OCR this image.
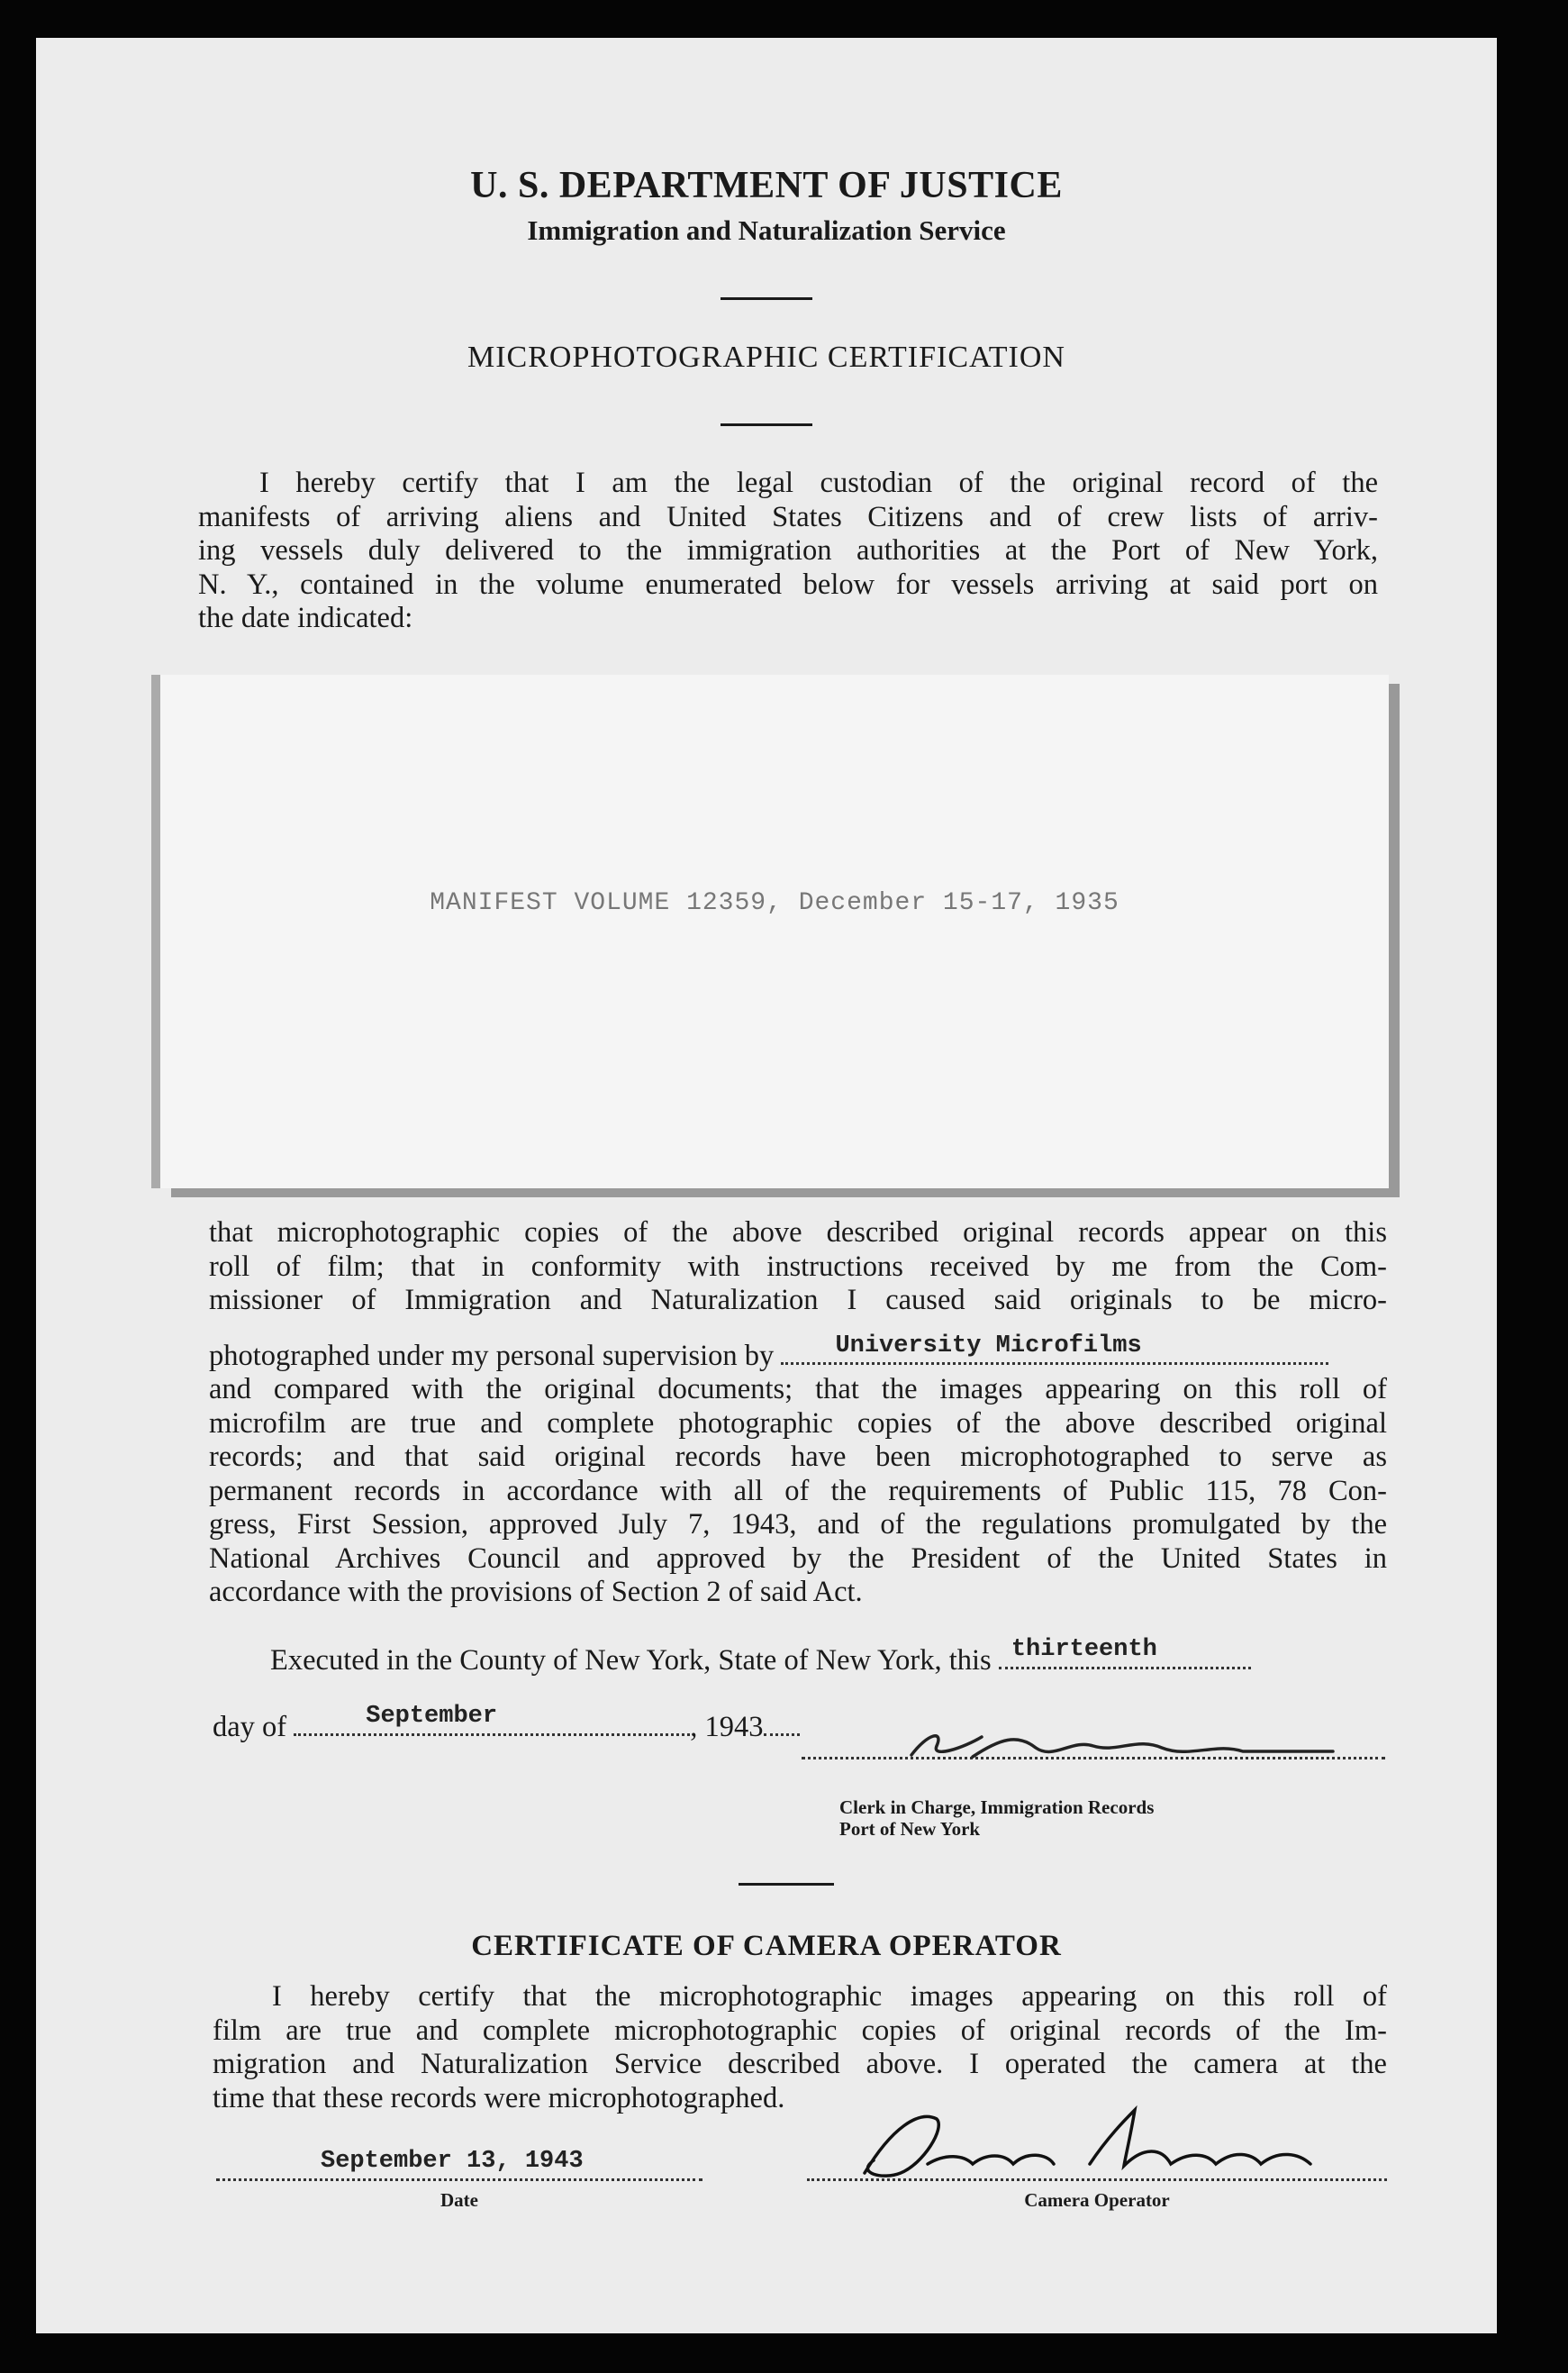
U. S. DEPARTMENT OF JUSTICE
Immigration and Naturalization Service
MICROPHOTOGRAPHIC CERTIFICATION
I hereby certify that I am the legal custodian of the original record of the
manifests of arriving aliens and United States Citizens and of crew lists of arriv-
ing vessels duly delivered to the immigration authorities at the Port of New York,
N. Y., contained in the volume enumerated below for vessels arriving at said port on
the date indicated:
MANIFEST VOLUME 12359, December 15-17, 1935
that microphotographic copies of the above described original records appear on this
roll of film; that in conformity with instructions received by me from the Com-
missioner of Immigration and Naturalization I caused said originals to be micro-
photographed under my personal supervision by	University Microfilms
and compared with the original documents; that the images appearing on this roll of
microfilm are true and complete photographic copies of the above described original
records; and that said original records have been microphotographed to serve as
permanent records in accordance with all of the requirements of Public 115, 78 Con-
gress, First Session, approved July 7, 1943, and of the regulations promulgated by the
National Archives Council and approved by the President of the United States in
accordance with the provisions of Section 2 of said Act.
Executed in the County of New York, State of New York, this thirteenth
day of	September	, 1943
Clerk in Charge, Immigration Records
Port of New York
CERTIFICATE OF CAMERA OPERATOR
I hereby certify that the microphotographic images appearing on this roll of
film are true and complete microphotographic copies of original records of the Im-
migration and Naturalization Service described above. I operated the camera at the
time that these records were microphotographed.
September 13, 1943
Date	Camera Operator
